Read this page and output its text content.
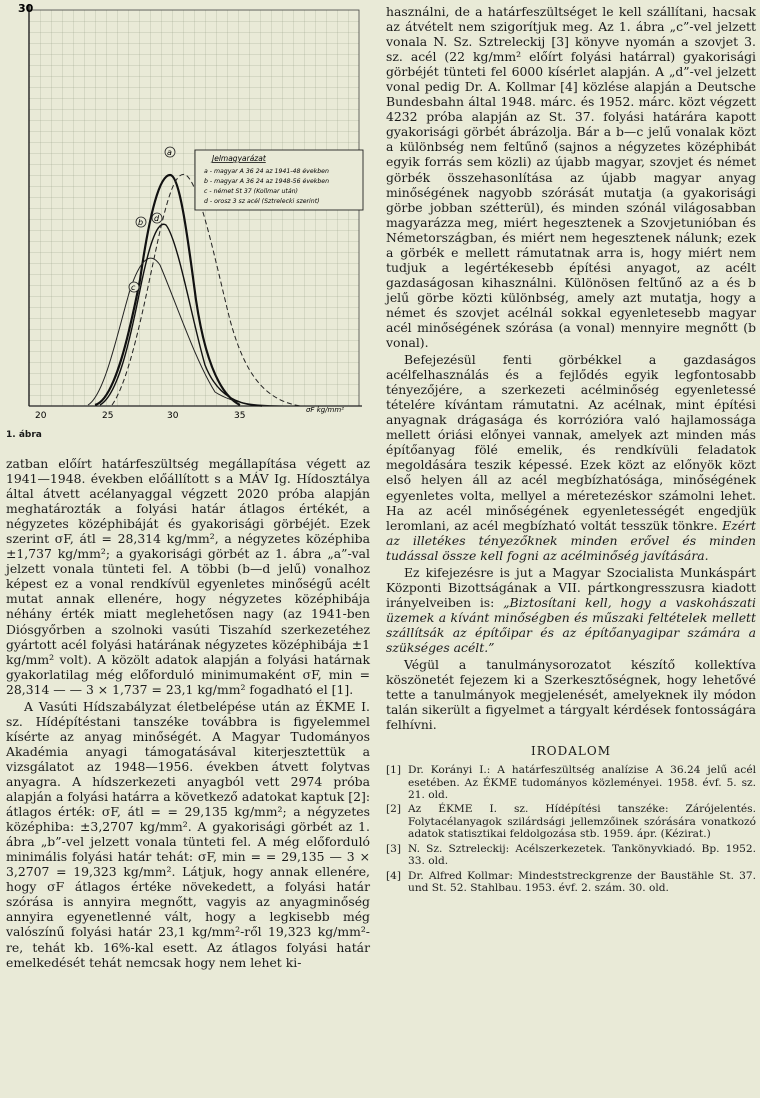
30
20	25	30	35
σF kg/mm²
a
b
c
d
Jelmagyarázat
a - magyar A 36 24 az 1941-48 években
b - magyar A 36 24 az 1948-56 években
c - német St 37 (Kollmar után)
d - orosz 3 sz acél (Sztrelecki szerint)
1. ábra

zatban előírt határfeszültség megállapítása végett az 1941—1948. években előállított s a MÁV Ig. Hídosztálya által átvett acélanyaggal végzett 2020 próba alapján meghatározták a folyási határ átlagos értékét, a négyzetes középhibáját és gyakorisági görbéjét. Ezek szerint σF, átl = 28,314 kg/mm², a négyzetes középhiba ±1,737 kg/mm²; a gyakorisági görbét az 1. ábra „a”-val jelzett vonala tünteti fel. A többi (b—d jelű) vonalhoz képest ez a vonal rendkívül egyenletes minőségű acélt mutat annak ellenére, hogy négyzetes középhibája néhány érték miatt meglehetősen nagy (az 1941-ben Diósgyőrben a szolnoki vasúti Tiszahíd szerkezetéhez gyártott acél folyási határának négyzetes középhibája ±1 kg/mm² volt). A közölt adatok alapján a folyási határnak gyakorlatilag még előforduló minimumaként σF, min = 28,314 — — 3 × 1,737 = 23,1 kg/mm² fogadható el [1].

A Vasúti Hídszabályzat életbelépése után az ÉKME I. sz. Hídépítéstani tanszéke továbbra is figyelemmel kísérte az anyag minőségét. A Magyar Tudományos Akadémia anyagi támogatásával kiterjesztettük a vizsgálatot az 1948—1956. években átvett folytvas anyagra. A hídszerkezeti anyagból vett 2974 próba alapján a folyási határra a következő adatokat kaptuk [2]: átlagos érték: σF, átl = = 29,135 kg/mm²; a négyzetes középhiba: ±3,2707 kg/mm². A gyakorisági görbét az 1. ábra „b”-vel jelzett vonala tünteti fel. A még előforduló minimális folyási határ tehát: σF, min = = 29,135 — 3 × 3,2707 = 19,323 kg/mm². Látjuk, hogy annak ellenére, hogy σF átlagos értéke növekedett, a folyási határ szórása is annyira megnőtt, vagyis az anyagminőség annyira egyenetlenné vált, hogy a legkisebb még valószínű folyási határ 23,1 kg/mm²-ről 19,323 kg/mm²-re, tehát kb. 16%-kal esett. Az átlagos folyási határ emelkedését tehát nemcsak hogy nem lehet ki-

használni, de a határfeszültséget le kell szállítani, hacsak az átvételt nem szigorítjuk meg. Az 1. ábra „c”-vel jelzett vonala N. Sz. Sztreleckij [3] könyve nyomán a szovjet 3. sz. acél (22 kg/mm² előírt folyási határral) gyakorisági görbéjét tünteti fel 6000 kísérlet alapján. A „d”-vel jelzett vonal pedig Dr. A. Kollmar [4] közlése alapján a Deutsche Bundesbahn által 1948. márc. és 1952. márc. közt végzett 4232 próba alapján az St. 37. folyási határára kapott gyakorisági görbét ábrázolja. Bár a b—c jelű vonalak közt a különbség nem feltűnő (sajnos a négyzetes középhibát egyik forrás sem közli) az újabb magyar, szovjet és német görbék összehasonlítása az újabb magyar anyag minőségének nagyobb szórását mutatja (a gyakorisági görbe jobban szétterül), és minden szónál világosabban magyarázza meg, miért hegesztenek a Szovjetunióban és Németországban, és miért nem hegesztenek nálunk; ezek a görbék e mellett rámutatnak arra is, hogy miért nem tudjuk a legértékesebb építési anyagot, az acélt gazdaságosan kihasználni. Különösen feltűnő az a és b jelű görbe közti különbség, amely azt mutatja, hogy a német és szovjet acélnál sokkal egyenletesebb magyar acél minőségének szórása (a vonal) mennyire megnőtt (b vonal).

Befejezésül fenti görbékkel a gazdaságos acélfelhasználás és a fejlődés egyik legfontosabb tényezőjére, a szerkezeti acélminőség egyenletessé tételére kívántam rámutatni. Az acélnak, mint építési anyagnak drágasága és korrózióra való hajlamossága mellett óriási előnyei vannak, amelyek azt minden más építőanyag fölé emelik, és rendkívüli feladatok megoldására teszik képessé. Ezek közt az előnyök közt első helyen áll az acél megbízhatósága, minőségének egyenletes volta, mellyel a méretezéskor számolni lehet. Ha az acél minőségének egyenletességét engedjük leromlani, az acél megbízható voltát tesszük tönkre. Ezért az illetékes tényezőknek minden erővel és minden tudással össze kell fogni az acélminőség javítására.

Ez kifejezésre is jut a Magyar Szocialista Munkáspárt Központi Bizottságának a VII. pártkongresszusra kiadott irányelveiben is: „Biztosítani kell, hogy a vaskohászati üzemek a kívánt minőségben és műszaki feltételek mellett szállítsák az építőipar és az építőanyagipar számára a szükséges acélt.”

Végül a tanulmánysorozatot készítő kollektíva köszönetét fejezem ki a Szerkesztőségnek, hogy lehetővé tette a tanulmányok megjelenését, amelyeknek ily módon talán sikerült a figyelmet a tárgyalt kérdések fontosságára felhívni.

IRODALOM
[1] Dr. Korányi I.: A határfeszültség analízise A 36.24 jelű acél esetében. Az ÉKME tudományos közleményei. 1958. évf. 5. sz. 21. old.
[2] Az ÉKME I. sz. Hídépítési tanszéke: Zárójelentés. Folytacélanyagok szilárdsági jellemzőinek szórására vonatkozó adatok statisztikai feldolgozása stb. 1959. ápr. (Kézirat.)
[3] N. Sz. Sztreleckij: Acélszerkezetek. Tankönyvkiadó. Bp. 1952. 33. old.
[4] Dr. Alfred Kollmar: Mindeststreckgrenze der Baustähle St. 37. und St. 52. Stahlbau. 1953. évf. 2. szám. 30. old.
